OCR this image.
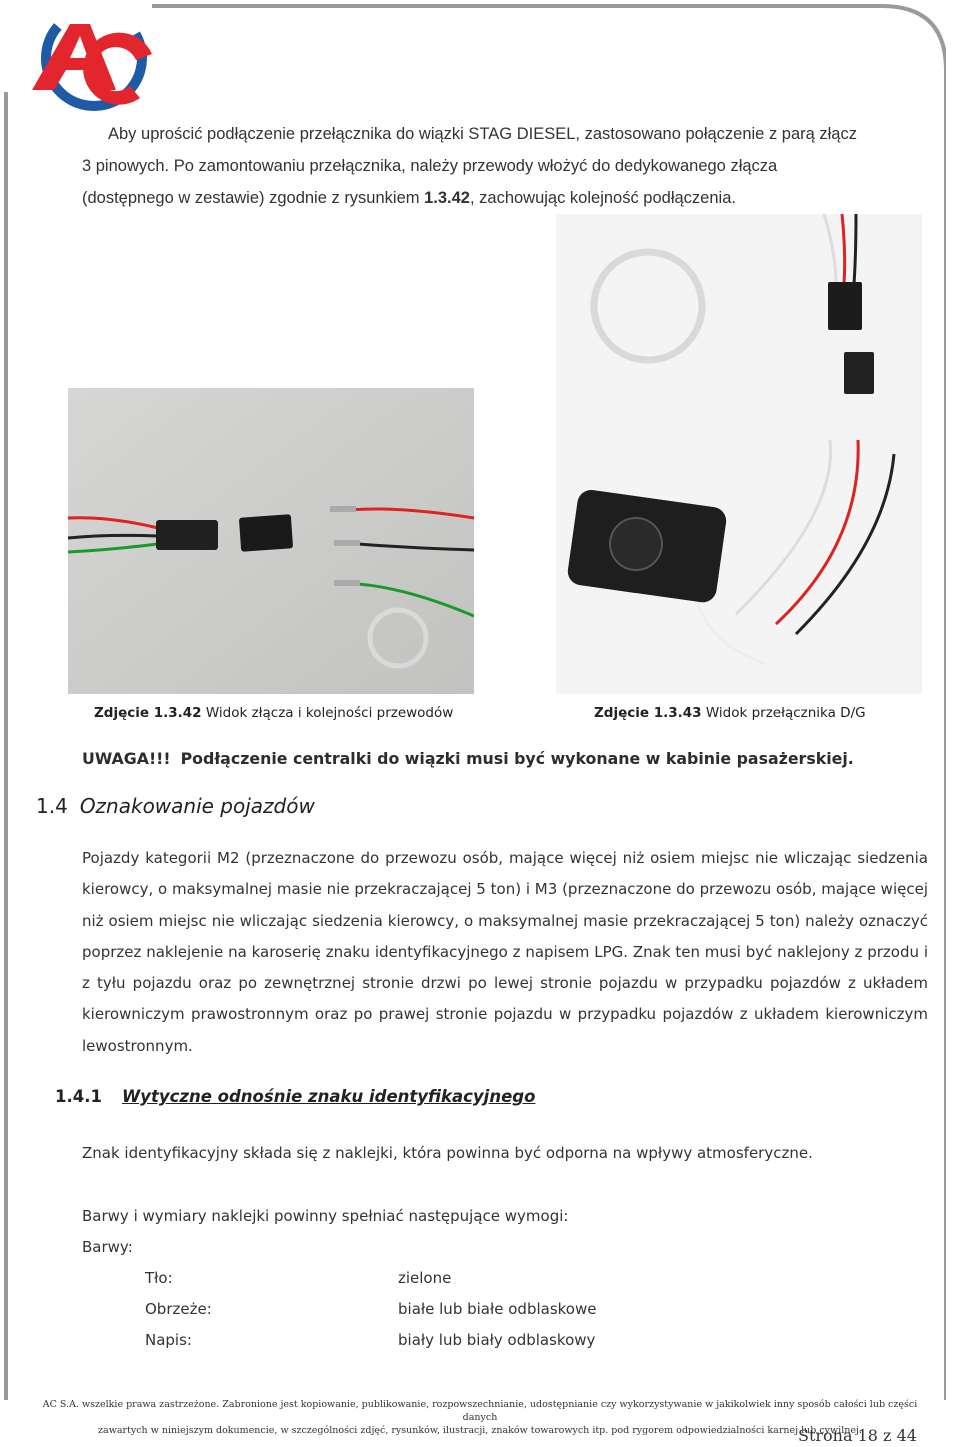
Aby uprościć podłączenie przełącznika do wiązki STAG DIESEL, zastosowano połączenie z parą złącz
3 pinowych. Po zamontowaniu przełącznika, należy przewody włożyć do dedykowanego złącza
(dostępnego w zestawie) zgodnie z rysunkiem 1.3.42, zachowując kolejność podłączenia.
Zdjęcie 1.3.42 Widok złącza i kolejności przewodów	Zdjęcie 1.3.43 Widok przełącznika D/G
UWAGA!!! Podłączenie centralki do wiązki musi być wykonane w kabinie pasażerskiej.
1.4 Oznakowanie pojazdów
Pojazdy kategorii M2 (przeznaczone do przewozu osób, mające więcej niż osiem miejsc nie wliczając siedzenia kierowcy, o maksymalnej masie nie przekraczającej 5 ton) i M3 (przeznaczone do przewozu osób, mające więcej niż osiem miejsc nie wliczając siedzenia kierowcy, o maksymalnej masie przekraczającej 5 ton) należy oznaczyć poprzez naklejenie na karoserię znaku identyfikacyjnego z napisem LPG. Znak ten musi być naklejony z przodu i z tyłu pojazdu oraz po zewnętrznej stronie drzwi po lewej stronie pojazdu w przypadku pojazdów z układem kierowniczym prawostronnym oraz po prawej stronie pojazdu w przypadku pojazdów z układem kierowniczym lewostronnym.
1.4.1 Wytyczne odnośnie znaku identyfikacyjnego
Znak identyfikacyjny składa się z naklejki, która powinna być odporna na wpływy atmosferyczne.
Barwy i wymiary naklejki powinny spełniać następujące wymogi:
Barwy:
Tło:	zielone
Obrzeże:	białe lub białe odblaskowe
Napis:	biały lub biały odblaskowy
AC S.A. wszelkie prawa zastrzeżone. Zabronione jest kopiowanie, publikowanie, rozpowszechnianie, udostępnianie czy wykorzystywanie w jakikolwiek inny sposób całości lub części danych
zawartych w niniejszym dokumencie, w szczególności zdjęć, rysunków, ilustracji, znaków towarowych itp. pod rygorem odpowiedzialności karnej lub cywilnej.
Strona 18 z 44
